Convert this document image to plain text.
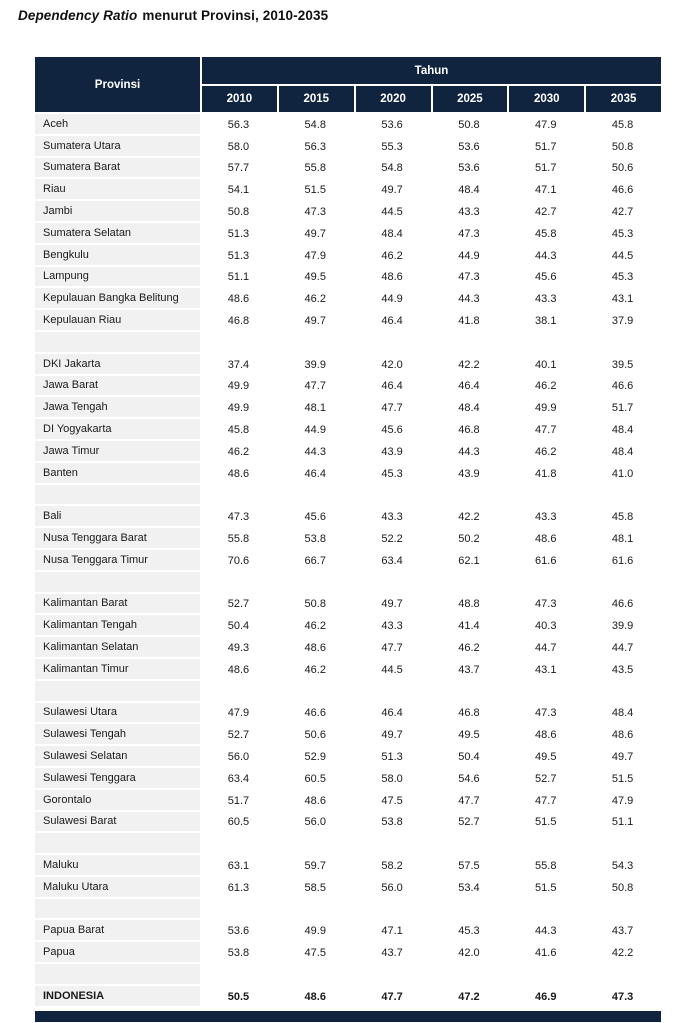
Dependency Ratio menurut Provinsi, 2010-2035
Provinsi
Tahun
2010	2015	2020	2025	2030	2035
Aceh	56.3	54.8	53.6	50.8	47.9	45.8
Sumatera Utara	58.0	56.3	55.3	53.6	51.7	50.8
Sumatera Barat	57.7	55.8	54.8	53.6	51.7	50.6
Riau	54.1	51.5	49.7	48.4	47.1	46.6
Jambi	50.8	47.3	44.5	43.3	42.7	42.7
Sumatera Selatan	51.3	49.7	48.4	47.3	45.8	45.3
Bengkulu	51.3	47.9	46.2	44.9	44.3	44.5
Lampung	51.1	49.5	48.6	47.3	45.6	45.3
Kepulauan Bangka Belitung	48.6	46.2	44.9	44.3	43.3	43.1
Kepulauan Riau	46.8	49.7	46.4	41.8	38.1	37.9
DKI Jakarta	37.4	39.9	42.0	42.2	40.1	39.5
Jawa Barat	49.9	47.7	46.4	46.4	46.2	46.6
Jawa Tengah	49.9	48.1	47.7	48.4	49.9	51.7
DI Yogyakarta	45.8	44.9	45.6	46.8	47.7	48.4
Jawa Timur	46.2	44.3	43.9	44.3	46.2	48.4
Banten	48.6	46.4	45.3	43.9	41.8	41.0
Bali	47.3	45.6	43.3	42.2	43.3	45.8
Nusa Tenggara Barat	55.8	53.8	52.2	50.2	48.6	48.1
Nusa Tenggara Timur	70.6	66.7	63.4	62.1	61.6	61.6
Kalimantan Barat	52.7	50.8	49.7	48.8	47.3	46.6
Kalimantan Tengah	50.4	46.2	43.3	41.4	40.3	39.9
Kalimantan Selatan	49.3	48.6	47.7	46.2	44.7	44.7
Kalimantan Timur	48.6	46.2	44.5	43.7	43.1	43.5
Sulawesi Utara	47.9	46.6	46.4	46.8	47.3	48.4
Sulawesi Tengah	52.7	50.6	49.7	49.5	48.6	48.6
Sulawesi Selatan	56.0	52.9	51.3	50.4	49.5	49.7
Sulawesi Tenggara	63.4	60.5	58.0	54.6	52.7	51.5
Gorontalo	51.7	48.6	47.5	47.7	47.7	47.9
Sulawesi Barat	60.5	56.0	53.8	52.7	51.5	51.1
Maluku	63.1	59.7	58.2	57.5	55.8	54.3
Maluku Utara	61.3	58.5	56.0	53.4	51.5	50.8
Papua Barat	53.6	49.9	47.1	45.3	44.3	43.7
Papua	53.8	47.5	43.7	42.0	41.6	42.2
INDONESIA	50.5	48.6	47.7	47.2	46.9	47.3
